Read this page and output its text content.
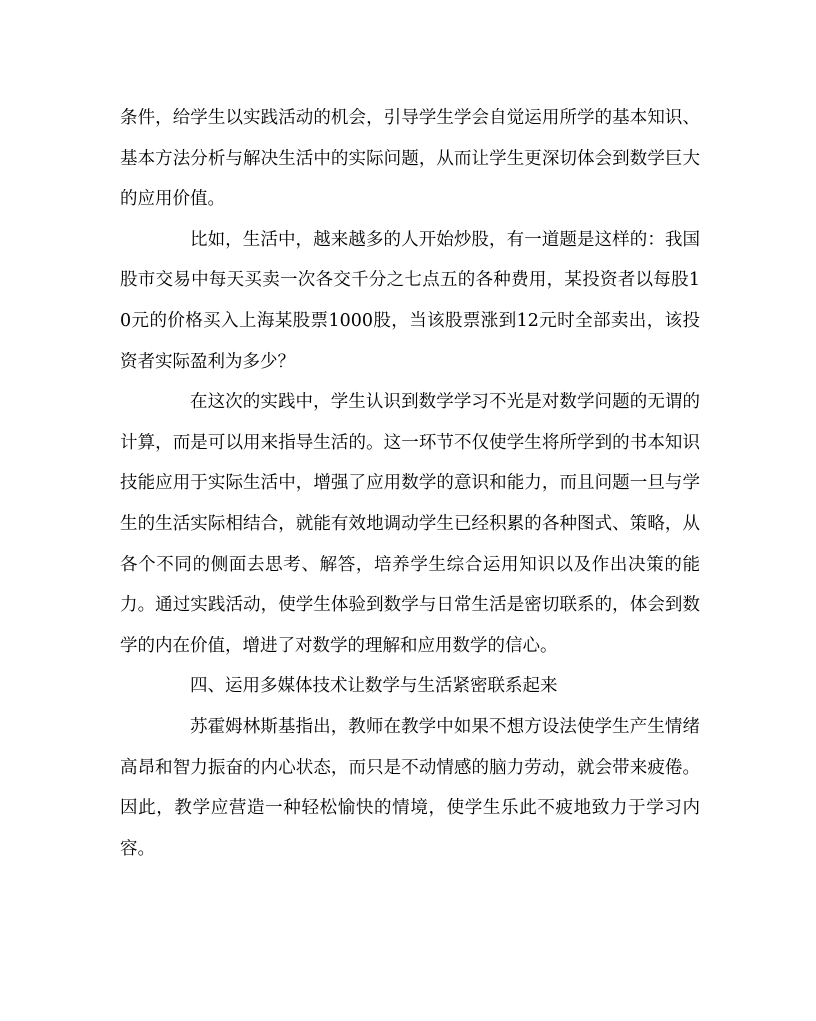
条件，给学生以实践活动的机会，引导学生学会自觉运用所学的基本知识、基本方法分析与解决生活中的实际问题，从而让学生更深切体会到数学巨大的应用价值。

比如，生活中，越来越多的人开始炒股，有一道题是这样的：我国股市交易中每天买卖一次各交千分之七点五的各种费用，某投资者以每股10元的价格买入上海某股票1000股，当该股票涨到12元时全部卖出，该投资者实际盈利为多少？

在这次的实践中，学生认识到数学学习不光是对数学问题的无谓的计算，而是可以用来指导生活的。这一环节不仅使学生将所学到的书本知识技能应用于实际生活中，增强了应用数学的意识和能力，而且问题一旦与学生的生活实际相结合，就能有效地调动学生已经积累的各种图式、策略，从各个不同的侧面去思考、解答，培养学生综合运用知识以及作出决策的能力。通过实践活动，使学生体验到数学与日常生活是密切联系的，体会到数学的内在价值，增进了对数学的理解和应用数学的信心。

四、运用多媒体技术让数学与生活紧密联系起来

苏霍姆林斯基指出，教师在教学中如果不想方设法使学生产生情绪高昂和智力振奋的内心状态，而只是不动情感的脑力劳动，就会带来疲倦。因此，教学应营造一种轻松愉快的情境，使学生乐此不疲地致力于学习内容。
